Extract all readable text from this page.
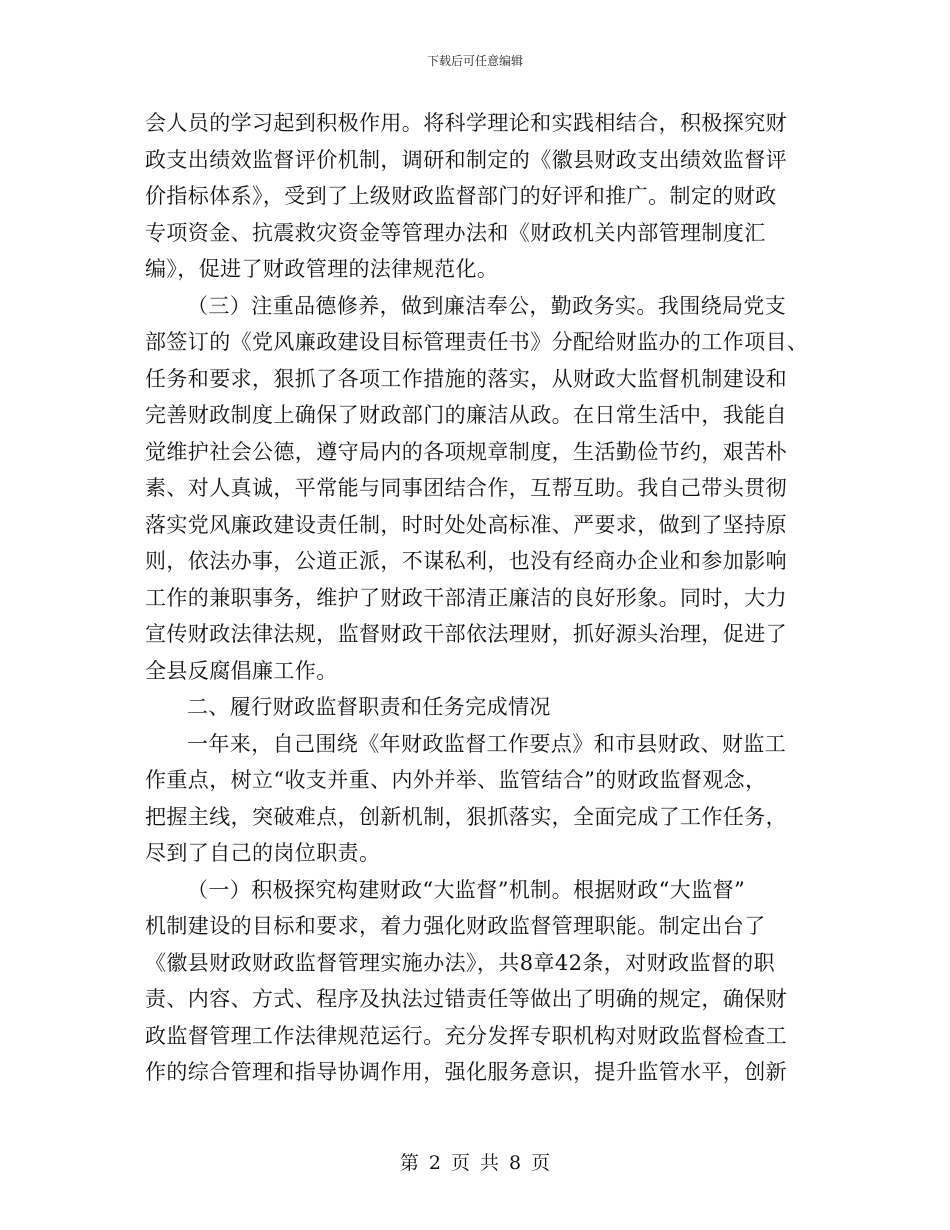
下载后可任意编辑
会人员的学习起到积极作用。将科学理论和实践相结合，积极探究财
政支出绩效监督评价机制，调研和制定的《徽县财政支出绩效监督评
价指标体系》，受到了上级财政监督部门的好评和推广。制定的财政
专项资金、抗震救灾资金等管理办法和《财政机关内部管理制度汇
编》，促进了财政管理的法律规范化。
（三）注重品德修养，做到廉洁奉公，勤政务实。我围绕局党支
部签订的《党风廉政建设目标管理责任书》分配给财监办的工作项目、
任务和要求，狠抓了各项工作措施的落实，从财政大监督机制建设和
完善财政制度上确保了财政部门的廉洁从政。在日常生活中，我能自
觉维护社会公德，遵守局内的各项规章制度，生活勤俭节约，艰苦朴
素、对人真诚，平常能与同事团结合作，互帮互助。我自己带头贯彻
落实党风廉政建设责任制，时时处处高标准、严要求，做到了坚持原
则，依法办事，公道正派，不谋私利，也没有经商办企业和参加影响
工作的兼职事务，维护了财政干部清正廉洁的良好形象。同时，大力
宣传财政法律法规，监督财政干部依法理财，抓好源头治理，促进了
全县反腐倡廉工作。
二、履行财政监督职责和任务完成情况
一年来，自己围绕《年财政监督工作要点》和市县财政、财监工
作重点，树立“收支并重、内外并举、监管结合”的财政监督观念，
把握主线，突破难点，创新机制，狠抓落实，全面完成了工作任务，
尽到了自己的岗位职责。
（一）积极探究构建财政“大监督”机制。根据财政“大监督”
机制建设的目标和要求，着力强化财政监督管理职能。制定出台了
《徽县财政财政监督管理实施办法》，共8章42条，对财政监督的职
责、内容、方式、程序及执法过错责任等做出了明确的规定，确保财
政监督管理工作法律规范运行。充分发挥专职机构对财政监督检查工
作的综合管理和指导协调作用，强化服务意识，提升监管水平，创新
第 2 页 共 8 页
